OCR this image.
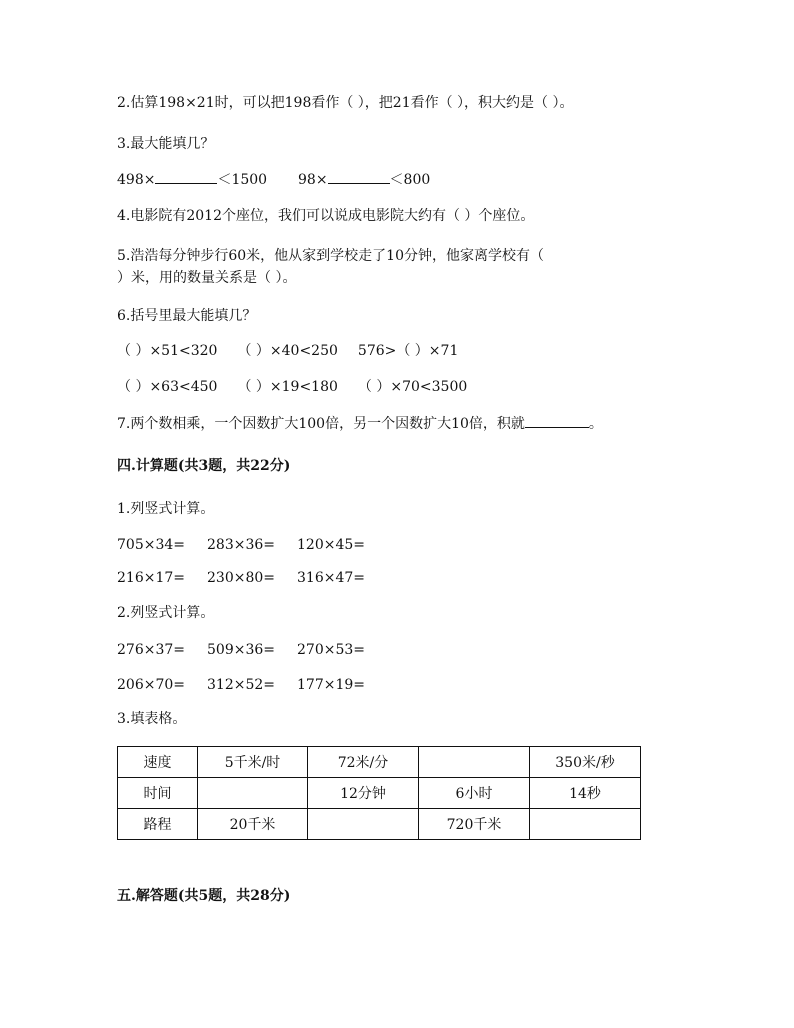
2.估算198×21时，可以把198看作（ ），把21看作（ ），积大约是（ ）。
3.最大能填几？
498×	＜1500 98×	＜800
4.电影院有2012个座位，我们可以说成电影院大约有（ ）个座位。
5.浩浩每分钟步行60米，他从家到学校走了10分钟，他家离学校有（
）米，用的数量关系是（ ）。
6.括号里最大能填几？
（ ）×51<320 （ ）×40<250 576>（ ）×71
（ ）×63<450 （ ）×19<180 （ ）×70<3500
7.两个数相乘，一个因数扩大100倍，另一个因数扩大10倍，积就	。
四.计算题(共3题，共22分)
1.列竖式计算。
705×34= 283×36= 120×45=
216×17= 230×80= 316×47=
2.列竖式计算。
276×37= 509×36= 270×53=
206×70= 312×52= 177×19=
3.填表格。
速度	5千米/时	72米/分		350米/秒
时间		12分钟	6小时	14秒
路程	20千米		720千米	
五.解答题(共5题，共28分)
